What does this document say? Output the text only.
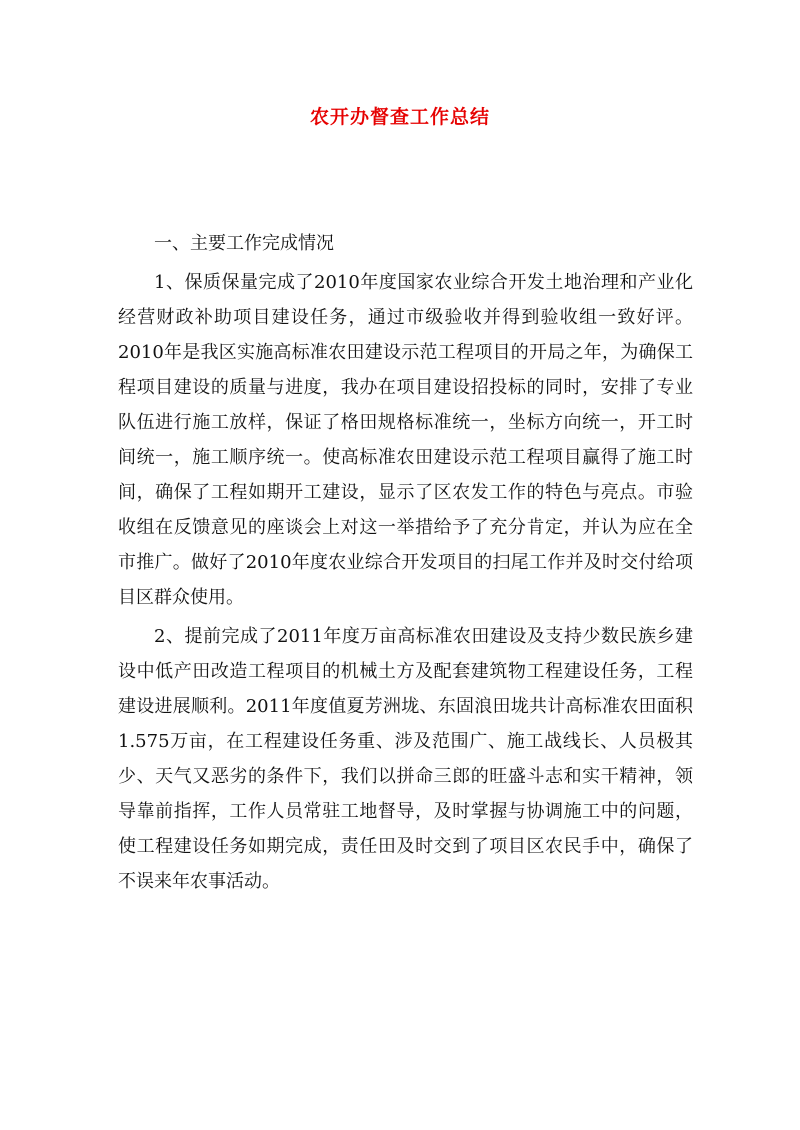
农开办督查工作总结

一、主要工作完成情况

1、保质保量完成了2010年度国家农业综合开发土地治理和产业化经营财政补助项目建设任务，通过市级验收并得到验收组一致好评。2010年是我区实施高标准农田建设示范工程项目的开局之年，为确保工程项目建设的质量与进度，我办在项目建设招投标的同时，安排了专业队伍进行施工放样，保证了格田规格标准统一，坐标方向统一，开工时间统一，施工顺序统一。使高标准农田建设示范工程项目赢得了施工时间，确保了工程如期开工建设，显示了区农发工作的特色与亮点。市验收组在反馈意见的座谈会上对这一举措给予了充分肯定，并认为应在全市推广。做好了2010年度农业综合开发项目的扫尾工作并及时交付给项目区群众使用。

2、提前完成了2011年度万亩高标准农田建设及支持少数民族乡建设中低产田改造工程项目的机械土方及配套建筑物工程建设任务，工程建设进展顺利。2011年度值夏芳洲垅、东固浪田垅共计高标准农田面积1.575万亩，在工程建设任务重、涉及范围广、施工战线长、人员极其少、天气又恶劣的条件下，我们以拼命三郎的旺盛斗志和实干精神，领导靠前指挥，工作人员常驻工地督导，及时掌握与协调施工中的问题，使工程建设任务如期完成，责任田及时交到了项目区农民手中，确保了不误来年农事活动。
